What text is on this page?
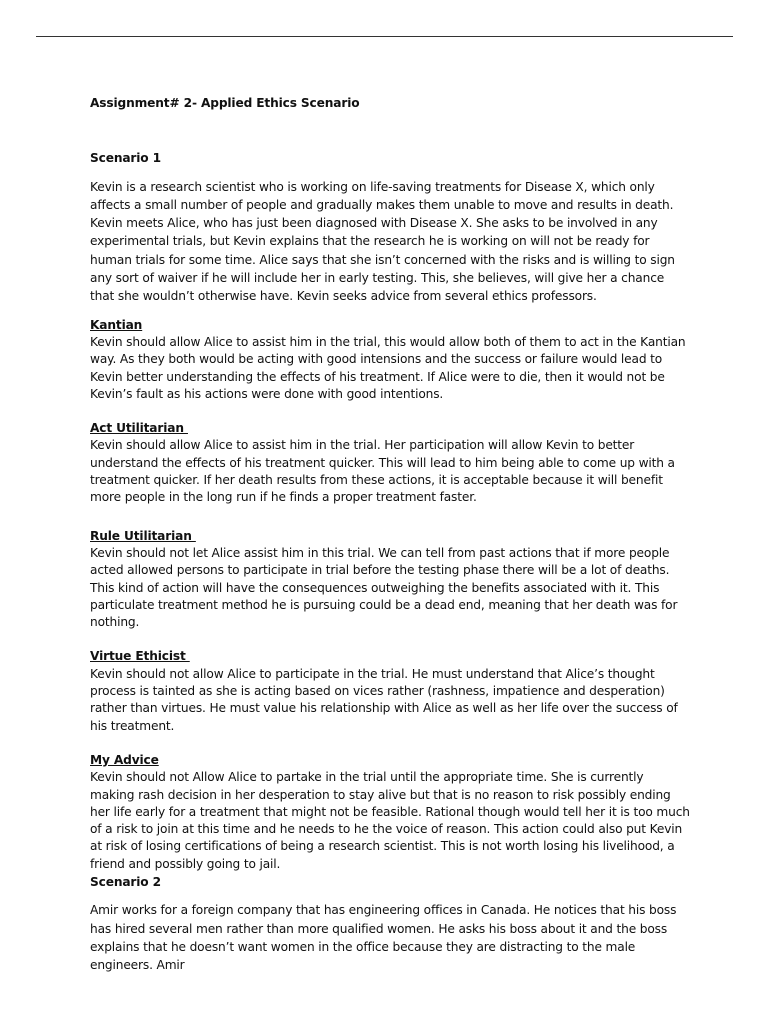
Assignment# 2- Applied Ethics Scenario
Scenario 1
Kevin is a research scientist who is working on life-saving treatments for Disease X, which only affects a small number of people and gradually makes them unable to move and results in death. Kevin meets Alice, who has just been diagnosed with Disease X. She asks to be involved in any experimental trials, but Kevin explains that the research he is working on will not be ready for human trials for some time. Alice says that she isn’t concerned with the risks and is willing to sign any sort of waiver if he will include her in early testing. This, she believes, will give her a chance that she wouldn’t otherwise have. Kevin seeks advice from several ethics professors.
Kantian
Kevin should allow Alice to assist him in the trial, this would allow both of them to act in the Kantian way. As they both would be acting with good intensions and the success or failure would lead to Kevin better understanding the effects of his treatment. If Alice were to die, then it would not be Kevin’s fault as his actions were done with good intentions.
Act Utilitarian
Kevin should allow Alice to assist him in the trial. Her participation will allow Kevin to better understand the effects of his treatment quicker. This will lead to him being able to come up with a treatment quicker. If her death results from these actions, it is acceptable because it will benefit more people in the long run if he finds a proper treatment faster.
Rule Utilitarian
Kevin should not let Alice assist him in this trial. We can tell from past actions that if more people acted allowed persons to participate in trial before the testing phase there will be a lot of deaths. This kind of action will have the consequences outweighing the benefits associated with it. This particulate treatment method he is pursuing could be a dead end, meaning that her death was for nothing.
Virtue Ethicist
Kevin should not allow Alice to participate in the trial. He must understand that Alice’s thought process is tainted as she is acting based on vices rather (rashness, impatience and desperation) rather than virtues. He must value his relationship with Alice as well as her life over the success of his treatment.
My Advice
Kevin should not Allow Alice to partake in the trial until the appropriate time. She is currently making rash decision in her desperation to stay alive but that is no reason to risk possibly ending her life early for a treatment that might not be feasible. Rational though would tell her it is too much of a risk to join at this time and he needs to he the voice of reason. This action could also put Kevin at risk of losing certifications of being a research scientist. This is not worth losing his livelihood, a friend and possibly going to jail.
Scenario 2
Amir works for a foreign company that has engineering offices in Canada. He notices that his boss has hired several men rather than more qualified women. He asks his boss about it and the boss explains that he doesn’t want women in the office because they are distracting to the male engineers. Amir
